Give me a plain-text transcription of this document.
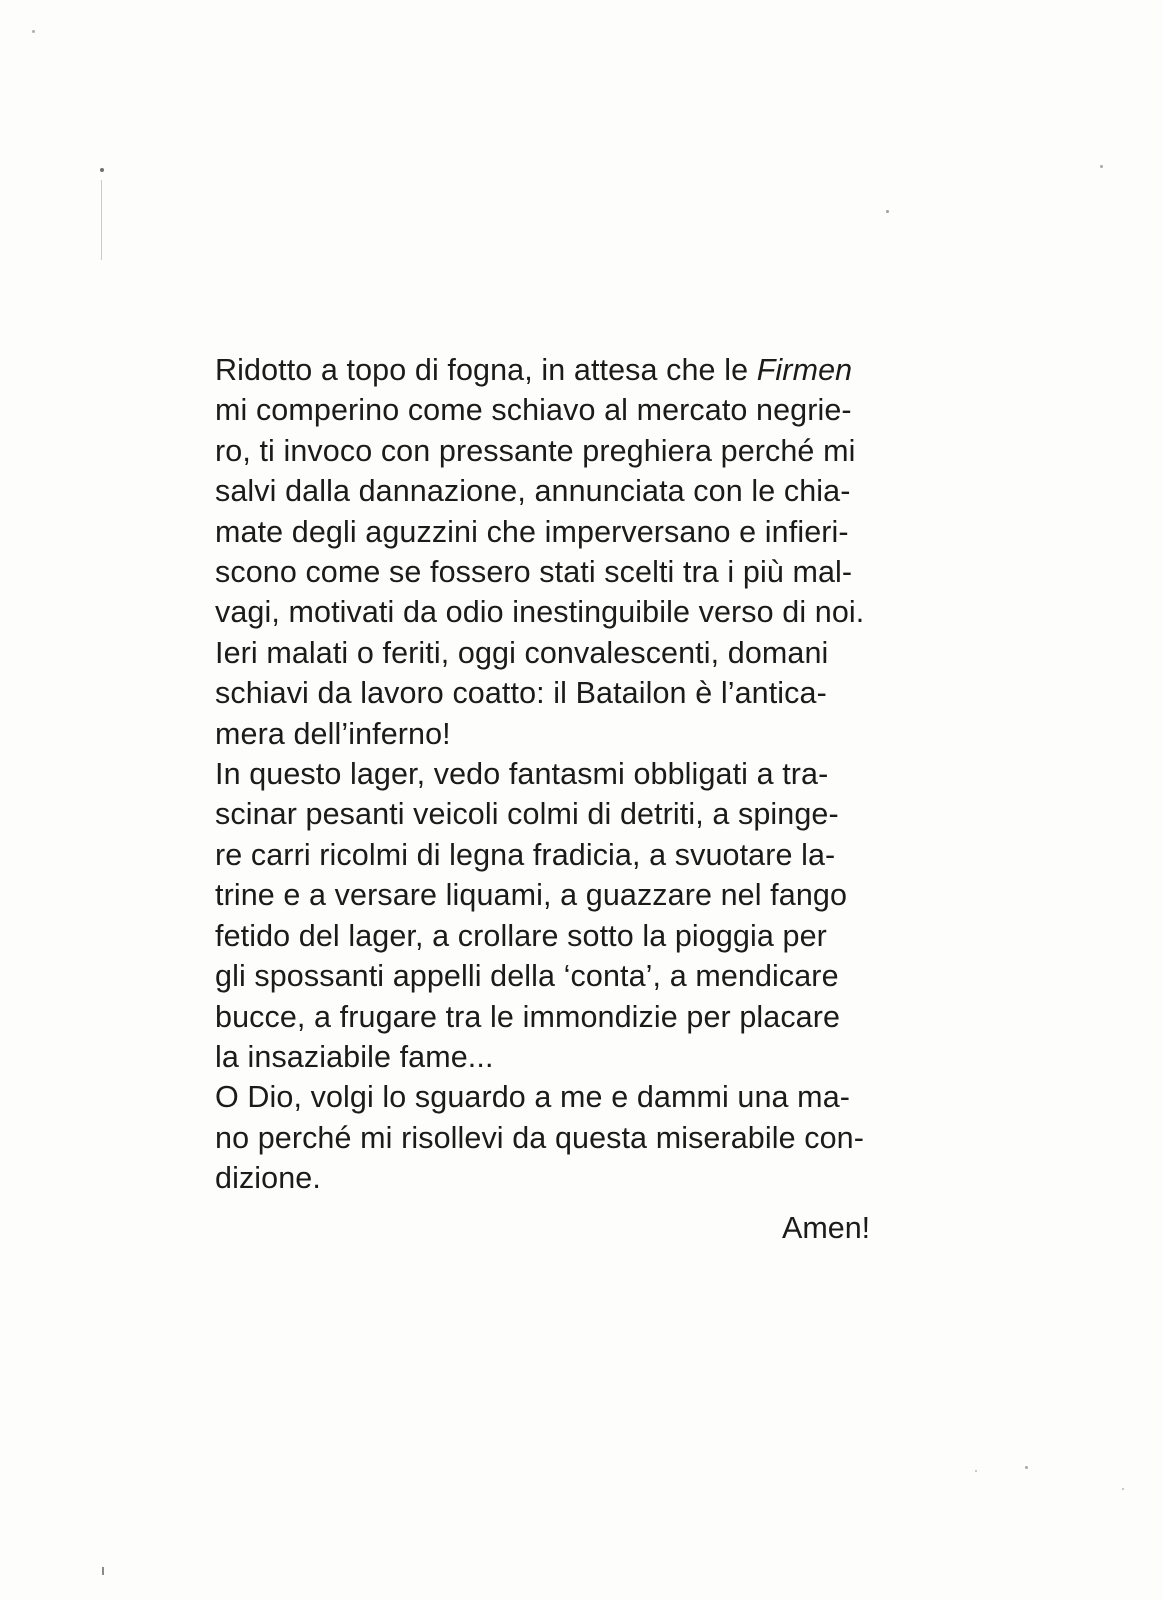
Ridotto a topo di fogna, in attesa che le Firmen
mi comperino come schiavo al mercato negrie-
ro, ti invoco con pressante preghiera perché mi
salvi dalla dannazione, annunciata con le chia-
mate degli aguzzini che imperversano e infieri-
scono come se fossero stati scelti tra i più mal-
vagi, motivati da odio inestinguibile verso di noi.
Ieri malati o feriti, oggi convalescenti, domani
schiavi da lavoro coatto: il Batailon è l’antica-
mera dell’inferno!
In questo lager, vedo fantasmi obbligati a tra-
scinar pesanti veicoli colmi di detriti, a spinge-
re carri ricolmi di legna fradicia, a svuotare la-
trine e a versare liquami, a guazzare nel fango
fetido del lager, a crollare sotto la pioggia per
gli spossanti appelli della ‘conta’, a mendicare
bucce, a frugare tra le immondizie per placare
la insaziabile fame...
O Dio, volgi lo sguardo a me e dammi una ma-
no perché mi risollevi da questa miserabile con-
dizione.
Amen!
